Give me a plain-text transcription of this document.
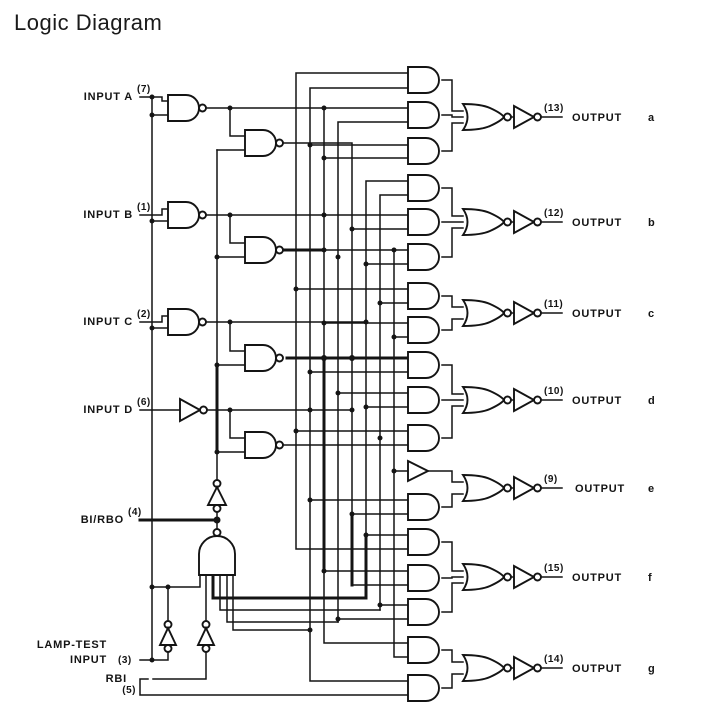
Logic Diagram
INPUT A
(7)
INPUT B
(1)
INPUT C
(2)
INPUT D
(6)
BI/RBO
(4)
LAMP-TEST
INPUT (3)
RBI
(5)
(13)
OUTPUT a
(12)
OUTPUT b
(11)
OUTPUT c
(10)
OUTPUT d
(9)
OUTPUT e
(15)
OUTPUT f
(14)
OUTPUT g
